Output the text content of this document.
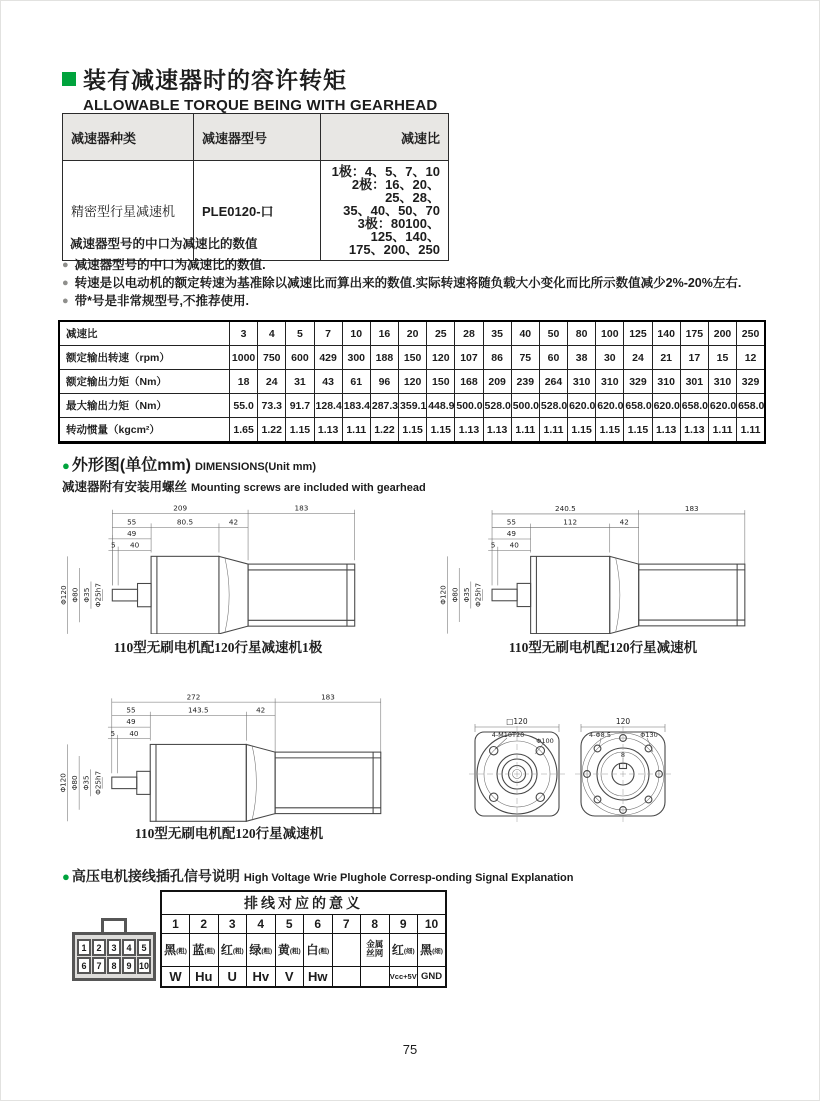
装有减速器时的容许转矩
ALLOWABLE TORQUE BEING WITH GEARHEAD
减速器种类	减速器型号	减速比
精密型行星减速机	PLE0120-口	1极：4、5、7、10
2极：16、20、25、28、
35、40、50、70
3极：80100、125、140、
175、200、250
减速器型号的中口为减速比的数值
● 减速器型号的中口为减速比的数值.
● 转速是以电动机的额定转速为基准除以减速比而算出来的数值.实际转速将随负载大小变化而比所示数值减少2%-20%左右.
● 带*号是非常规型号,不推荐使用.
减速比	3	4	5	7	10	16	20	25	28	35	40	50	80	100	125	140	175	200	250
额定输出转速（rpm）	1000	750	600	429	300	188	150	120	107	86	75	60	38	30	24	21	17	15	12
额定输出力矩（Nm）	18	24	31	43	61	96	120	150	168	209	239	264	310	310	329	310	301	310	329
最大输出力矩（Nm）	55.0	73.3	91.7	128.4	183.4	287.3	359.1	448.9	500.0	528.0	500.0	528.0	620.0	620.0	658.0	620.0	658.0	620.0	658.0
转动惯量（kgcm²）	1.65	1.22	1.15	1.13	1.11	1.22	1.15	1.15	1.13	1.13	1.11	1.11	1.15	1.15	1.15	1.13	1.13	1.11	1.11
● 外形图(单位mm) DIMENSIONS(Unit mm)
减速器附有安装用螺丝 Mounting screws are included with gearhead
209	183
55	80.5	42
49
5 40
Φ120 Φ80 Φ35 Φ25h7
110型无刷电机配120行星减速机1极
240.5	183
55	112	42
49
5 40
Φ120 Φ80 Φ35 Φ25h7
110型无刷电机配120行星减速机
272	183
55	143.5	42
49
5 40
Φ120 Φ80 Φ35 Φ25h7
110型无刷电机配120行星减速机
□120
4-M10T20
Φ100
120
4-Φ8.5	Φ130
8
● 高压电机接线插孔信号说明 High Voltage Wrie Plughole Corresp-onding Signal Explanation
1	2	3	4	5
6	7	8	9 10
排线对应的意义									
1	2	3	4	5	6	7	8	9	10
黑(粗)	蓝(粗)	红(粗)	绿(粗)	黄(粗)	白(粗)		金属丝网	红(细)	黑(细)
W	Hu	U	Hv	V	Hw			Vcc+5V	GND
75
